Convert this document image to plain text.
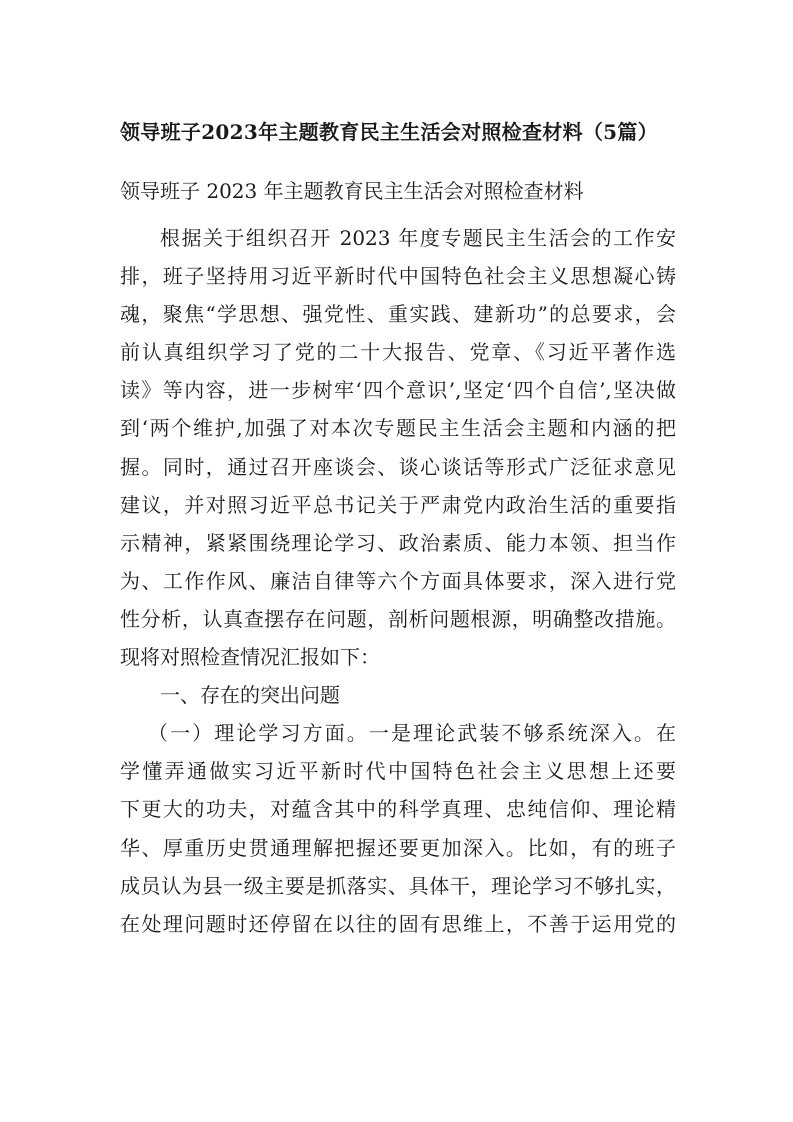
领导班子2023年主题教育民主生活会对照检查材料（5篇）
领导班子 2023 年主题教育民主生活会对照检查材料
根据关于组织召开 2023 年度专题民主生活会的工作安
排，班子坚持用习近平新时代中国特色社会主义思想凝心铸
魂，聚焦“学思想、强党性、重实践、建新功”的总要求，会
前认真组织学习了党的二十大报告、党章、《习近平著作选
读》等内容，进一步树牢‘四个意识’,坚定‘四个自信’,坚决做
到‘两个维护,加强了对本次专题民主生活会主题和内涵的把
握。同时，通过召开座谈会、谈心谈话等形式广泛征求意见
建议，并对照习近平总书记关于严肃党内政治生活的重要指
示精神，紧紧围绕理论学习、政治素质、能力本领、担当作
为、工作作风、廉洁自律等六个方面具体要求，深入进行党
性分析，认真查摆存在问题，剖析问题根源，明确整改措施。
现将对照检查情况汇报如下：
一、存在的突出问题
（一）理论学习方面。一是理论武装不够系统深入。在
学懂弄通做实习近平新时代中国特色社会主义思想上还要
下更大的功夫，对蕴含其中的科学真理、忠纯信仰、理论精
华、厚重历史贯通理解把握还要更加深入。比如，有的班子
成员认为县一级主要是抓落实、具体干，理论学习不够扎实，
在处理问题时还停留在以往的固有思维上，不善于运用党的
